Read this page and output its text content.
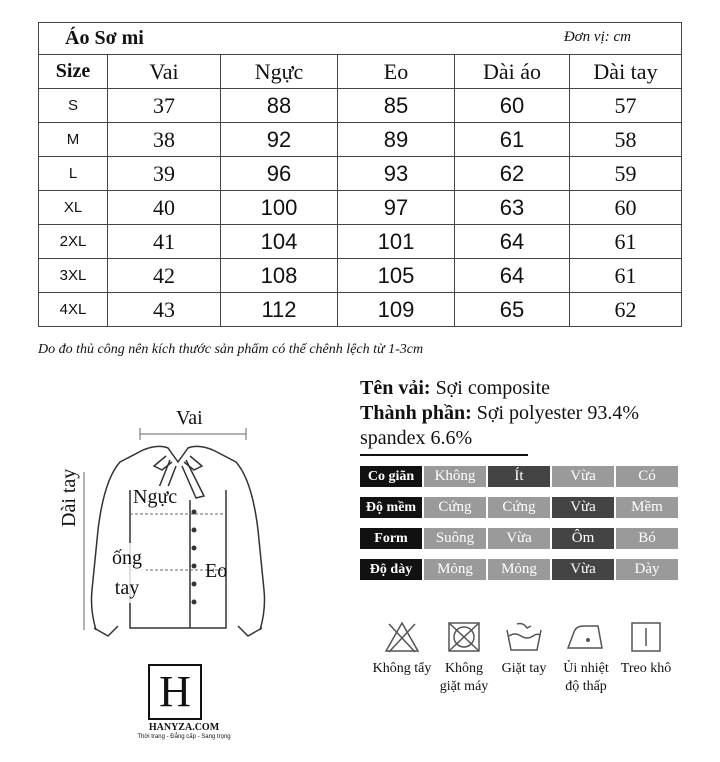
Áo Sơ mi Đơn vị: cm					

Size	Vai	Ngực	Eo	Dài áo	Dài tay
S	37	88	85	60	57
M	38	92	89	61	58
L	39	96	93	62	59
XL	40	100	97	63	60
2XL	41	104	101	64	61
3XL	42	108	105	64	61
4XL	43	112	109	65	62
Do đo thủ công nên kích thước sản phẩm có thể chênh lệch từ 1-3cm
Vai
Ngực
Eo
ống tay
Dài tay
H
HANYZA.COM
Thời trang - Đẳng cấp - Sang trọng
Tên vải: Sợi composite
Thành phần: Sợi polyester 93.4%
spandex 6.6%
Co giãn	Không	Ít	Vừa	Có
Độ mềm	Cứng	Cứng	Vừa	Mềm
Form	Suông	Vừa	Ôm	Bó
Độ dày	Mỏng	Mỏng	Vừa	Dày
Không tẩy Không giặt máy
Giặt tay	Ủi nhiệt độ thấp
Treo khô
